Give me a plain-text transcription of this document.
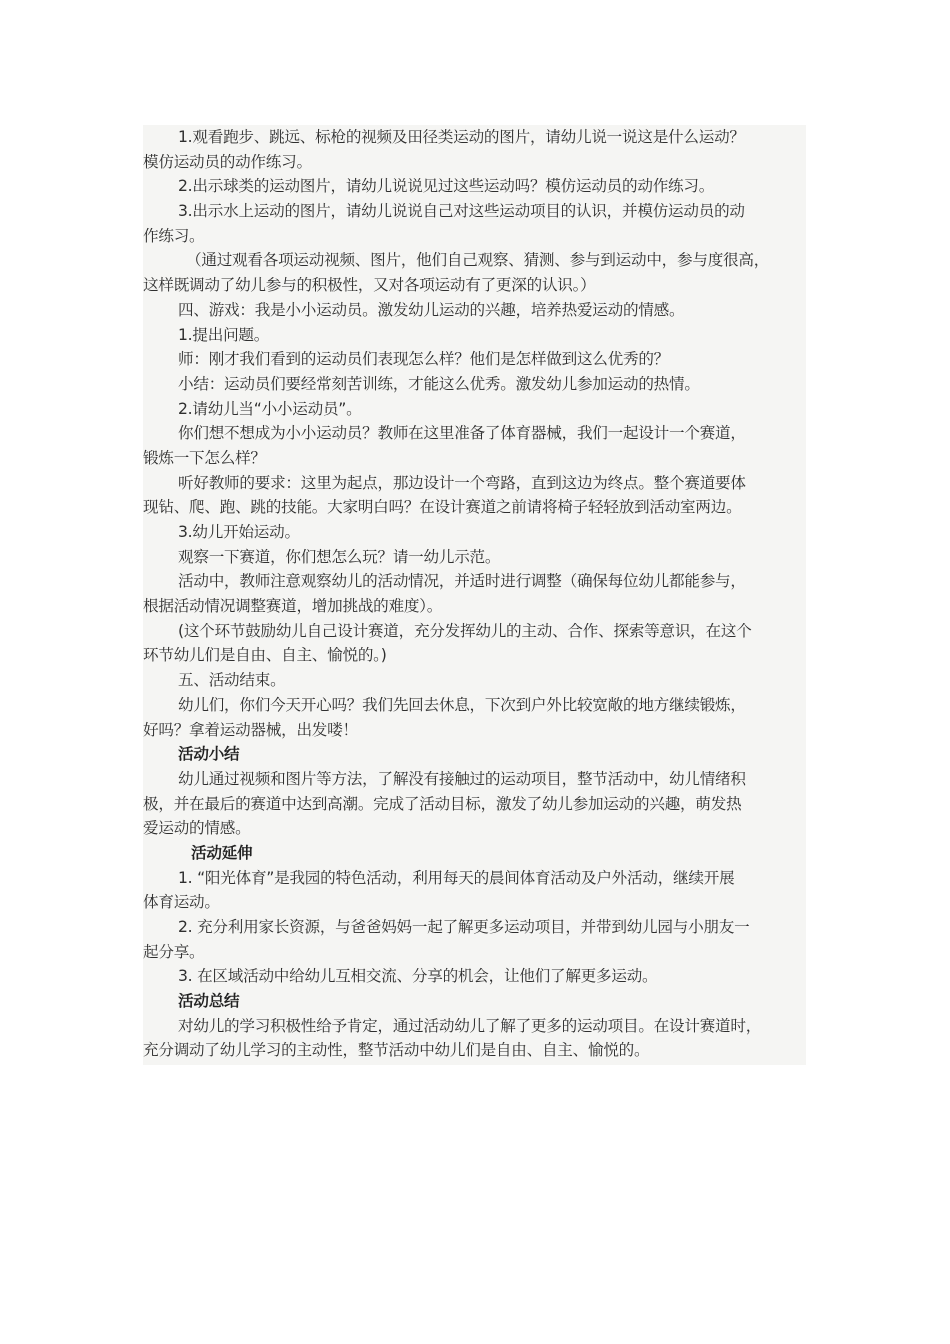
1.观看跑步、跳远、标枪的视频及田径类运动的图片，请幼儿说一说这是什么运动？

模仿运动员的动作练习。

2.出示球类的运动图片，请幼儿说说见过这些运动吗？模仿运动员的动作练习。

3.出示水上运动的图片，请幼儿说说自己对这些运动项目的认识，并模仿运动员的动

作练习。

（通过观看各项运动视频、图片，他们自己观察、猜测、参与到运动中，参与度很高，

这样既调动了幼儿参与的积极性，又对各项运动有了更深的认识。）

四、游戏：我是小小运动员。激发幼儿运动的兴趣，培养热爱运动的情感。

1.提出问题。

师：刚才我们看到的运动员们表现怎么样？他们是怎样做到这么优秀的？

小结：运动员们要经常刻苦训练，才能这么优秀。激发幼儿参加运动的热情。

2.请幼儿当“小小运动员”。

你们想不想成为小小运动员？教师在这里准备了体育器械，我们一起设计一个赛道，

锻炼一下怎么样？

听好教师的要求：这里为起点，那边设计一个弯路，直到这边为终点。整个赛道要体

现钻、爬、跑、跳的技能。大家明白吗？在设计赛道之前请将椅子轻轻放到活动室两边。

3.幼儿开始运动。

观察一下赛道，你们想怎么玩？请一幼儿示范。

活动中，教师注意观察幼儿的活动情况，并适时进行调整（确保每位幼儿都能参与，

根据活动情况调整赛道，增加挑战的难度）。

(这个环节鼓励幼儿自己设计赛道，充分发挥幼儿的主动、合作、探索等意识，在这个

环节幼儿们是自由、自主、愉悦的。)

五、活动结束。

幼儿们，你们今天开心吗？我们先回去休息，下次到户外比较宽敞的地方继续锻炼，

好吗？拿着运动器械，出发喽！

活动小结

幼儿通过视频和图片等方法，了解没有接触过的运动项目，整节活动中，幼儿情绪积

极，并在最后的赛道中达到高潮。完成了活动目标，激发了幼儿参加运动的兴趣，萌发热

爱运动的情感。

活动延伸

1. “阳光体育”是我园的特色活动，利用每天的晨间体育活动及户外活动，继续开展

体育运动。

2. 充分利用家长资源，与爸爸妈妈一起了解更多运动项目，并带到幼儿园与小朋友一

起分享。

3. 在区域活动中给幼儿互相交流、分享的机会，让他们了解更多运动。

活动总结

对幼儿的学习积极性给予肯定，通过活动幼儿了解了更多的运动项目。在设计赛道时，

充分调动了幼儿学习的主动性，整节活动中幼儿们是自由、自主、愉悦的。
